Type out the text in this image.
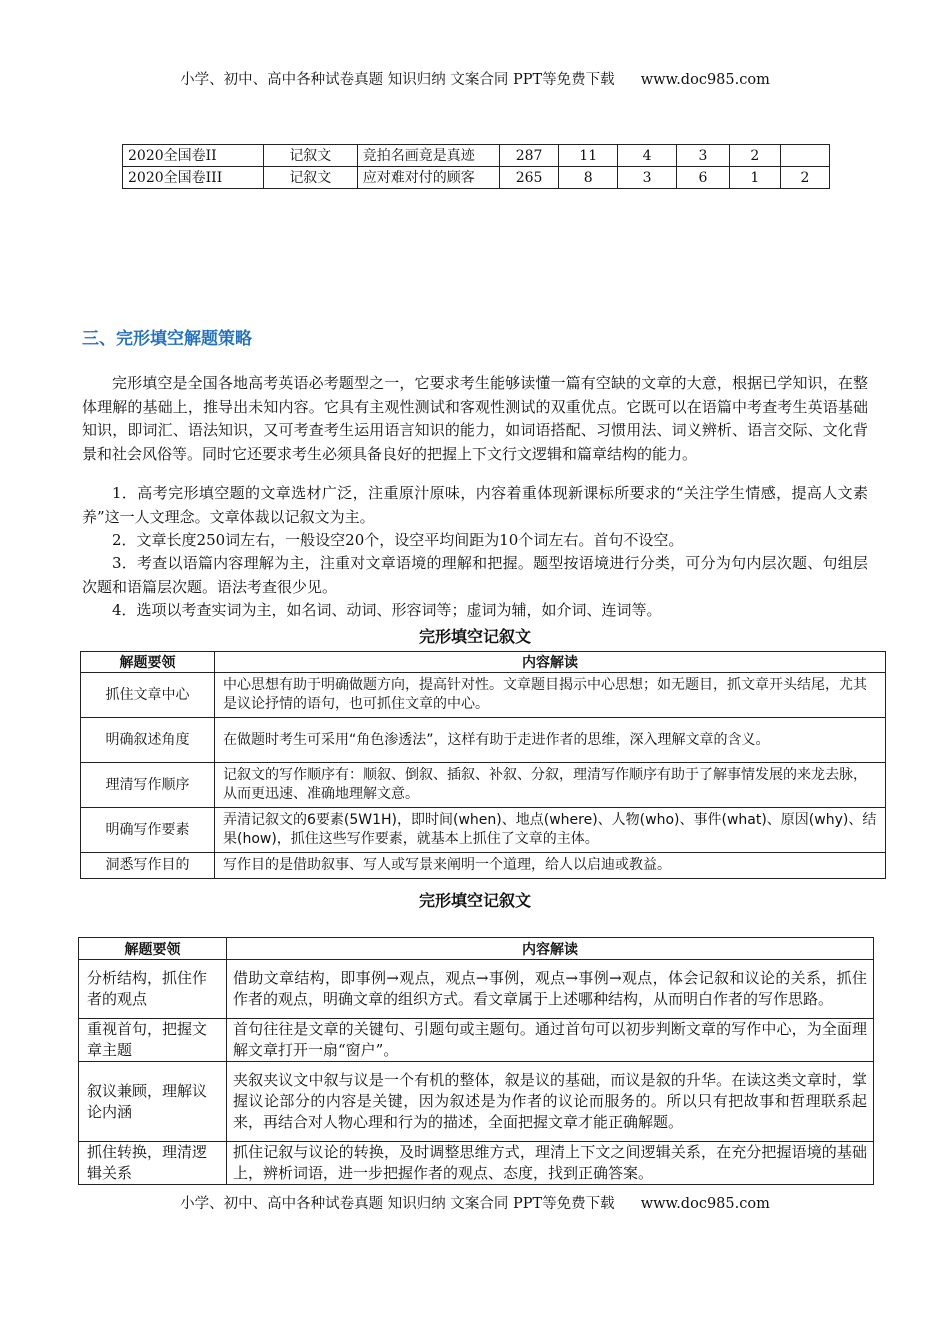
小学、初中、高中各种试卷真题 知识归纳 文案合同 PPT等免费下载 www.doc985.com
2020全国卷II	记叙文	竞拍名画竟是真迹	287	11	4	3	2	
2020全国卷III	记叙文	应对难对付的顾客	265	8	3	6	1	2
三、完形填空解题策略

完形填空是全国各地高考英语必考题型之一，它要求考生能够读懂一篇有空缺的文章的大意，根据已学知识，在整体理解的基础上，推导出未知内容。它具有主观性测试和客观性测试的双重优点。它既可以在语篇中考查考生英语基础知识，即词汇、语法知识，又可考查考生运用语言知识的能力，如词语搭配、习惯用法、词义辨析、语言交际、文化背景和社会风俗等。同时它还要求考生必须具备良好的把握上下文行文逻辑和篇章结构的能力。

1．高考完形填空题的文章选材广泛，注重原汁原味，内容着重体现新课标所要求的“关注学生情感，提高人文素养”这一人文理念。文章体裁以记叙文为主。

2．文章长度250词左右，一般设空20个，设空平均间距为10个词左右。首句不设空。

3．考查以语篇内容理解为主，注重对文章语境的理解和把握。题型按语境进行分类，可分为句内层次题、句组层次题和语篇层次题。语法考查很少见。

4．选项以考查实词为主，如名词、动词、形容词等；虚词为辅，如介词、连词等。

完形填空记叙文
解题要领	内容解读
抓住文章中心	中心思想有助于明确做题方向，提高针对性。文章题目揭示中心思想；如无题目，抓文章开头结尾，尤其是议论抒情的语句，也可抓住文章的中心。
明确叙述角度	在做题时考生可采用“角色渗透法”，这样有助于走进作者的思维，深入理解文章的含义。
理清写作顺序	记叙文的写作顺序有：顺叙、倒叙、插叙、补叙、分叙，理清写作顺序有助于了解事情发展的来龙去脉，从而更迅速、准确地理解文意。
明确写作要素	弄清记叙文的6要素(5W1H)，即时间(when)、地点(where)、人物(who)、事件(what)、原因(why)、结果(how)，抓住这些写作要素，就基本上抓住了文章的主体。
洞悉写作目的	写作目的是借助叙事、写人或写景来阐明一个道理，给人以启迪或教益。
完形填空记叙文
解题要领	内容解读
分析结构，抓住作者的观点	借助文章结构，即事例→观点，观点→事例，观点→事例→观点，体会记叙和议论的关系，抓住作者的观点，明确文章的组织方式。看文章属于上述哪种结构，从而明白作者的写作思路。
重视首句，把握文章主题	首句往往是文章的关键句、引题句或主题句。通过首句可以初步判断文章的写作中心，为全面理解文章打开一扇“窗户”。
叙议兼顾，理解议论内涵	夹叙夹议文中叙与议是一个有机的整体，叙是议的基础，而议是叙的升华。在读这类文章时，掌握议论部分的内容是关键，因为叙述是为作者的议论而服务的。所以只有把故事和哲理联系起来，再结合对人物心理和行为的描述，全面把握文章才能正确解题。
抓住转换，理清逻辑关系	抓住记叙与议论的转换，及时调整思维方式，理清上下文之间逻辑关系，在充分把握语境的基础上，辨析词语，进一步把握作者的观点、态度，找到正确答案。
小学、初中、高中各种试卷真题 知识归纳 文案合同 PPT等免费下载 www.doc985.com
